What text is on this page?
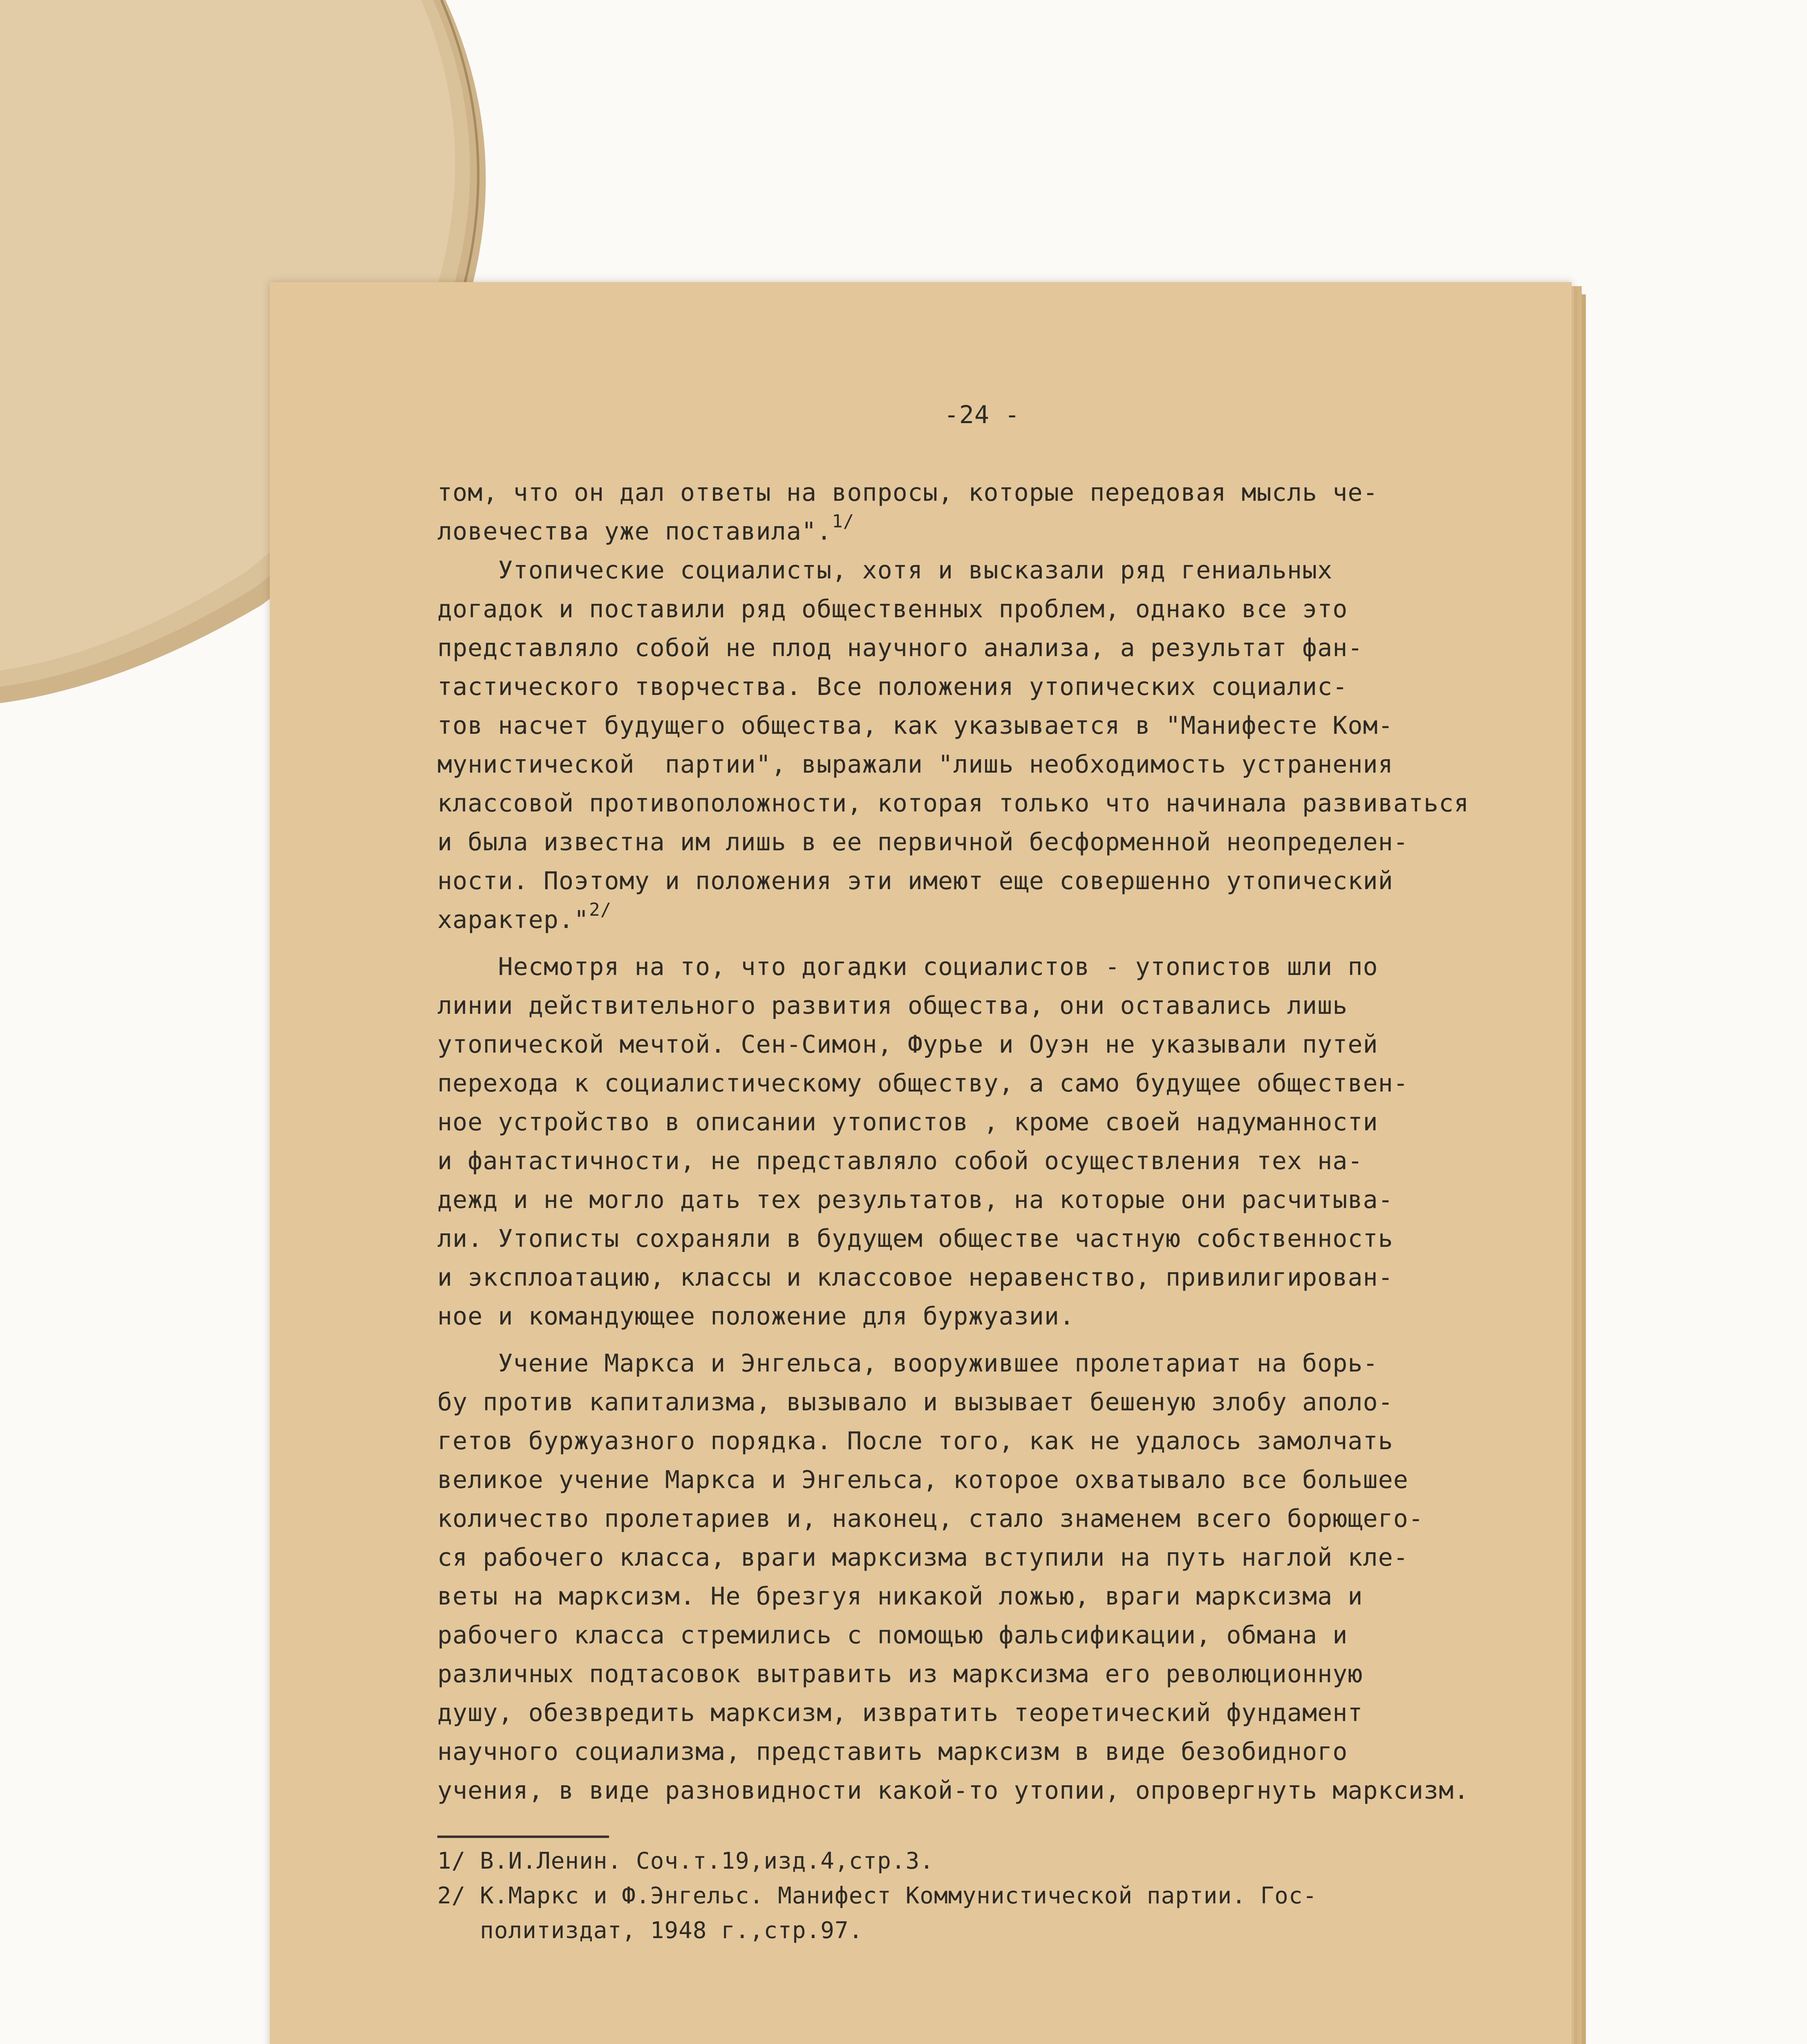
-24 -
том, что он дал ответы на вопросы, которые передовая мысль че-
ловечества уже поставила".$^{1/}$
Утопические социалисты, хотя и высказали ряд гениальных
догадок и поставили ряд общественных проблем, однако все это
представляло собой не плод научного анализа, а результат фан-
тастического творчества. Все положения утопических социалис-
тов насчет будущего общества, как указывается в "Манифесте Ком-
мунистической  партии", выражали "лишь необходимость устранения
классовой противоположности, которая только что начинала развиваться
и была известна им лишь в ее первичной бесформенной неопределен-
ности. Поэтому и положения эти имеют еще совершенно утопический
характер."$^{2/}$
Несмотря на то, что догадки социалистов - утопистов шли по
линии действительного развития общества, они оставались лишь
утопической мечтой. Сен-Симон, Фурье и Оуэн не указывали путей
перехода к социалистическому обществу, а само будущее обществен-
ное устройство в описании утопистов , кроме своей надуманности
и фантастичности, не представляло собой осуществления тех на-
дежд и не могло дать тех результатов, на которые они расчитыва-
ли. Утописты сохраняли в будущем обществе частную собственность
и эксплоатацию, классы и классовое неравенство, привилигирован-
ное и командующее положение для буржуазии.
Учение Маркса и Энгельса, вооружившее пролетариат на борь-
бу против капитализма, вызывало и вызывает бешеную злобу аполо-
гетов буржуазного порядка. После того, как не удалось замолчать
великое учение Маркса и Энгельса, которое охватывало все большее
количество пролетариев и, наконец, стало знаменем всего борющего-
ся рабочего класса, враги марксизма вступили на путь наглой кле-
веты на марксизм. Не брезгуя никакой ложью, враги марксизма и
рабочего класса стремились с помощью фальсификации, обмана и
различных подтасовок вытравить из марксизма его революционную
душу, обезвредить марксизм, извратить теоретический фундамент
научного социализма, представить марксизм в виде безобидного
учения, в виде разновидности какой-то утопии, опровергнуть марксизм.
1/ В.И.Ленин. Соч.т.19,изд.4,стр.3.
2/ К.Маркс и Ф.Энгельс. Манифест Коммунистической партии. Гос-
политиздат, 1948 г.,стр.97.
